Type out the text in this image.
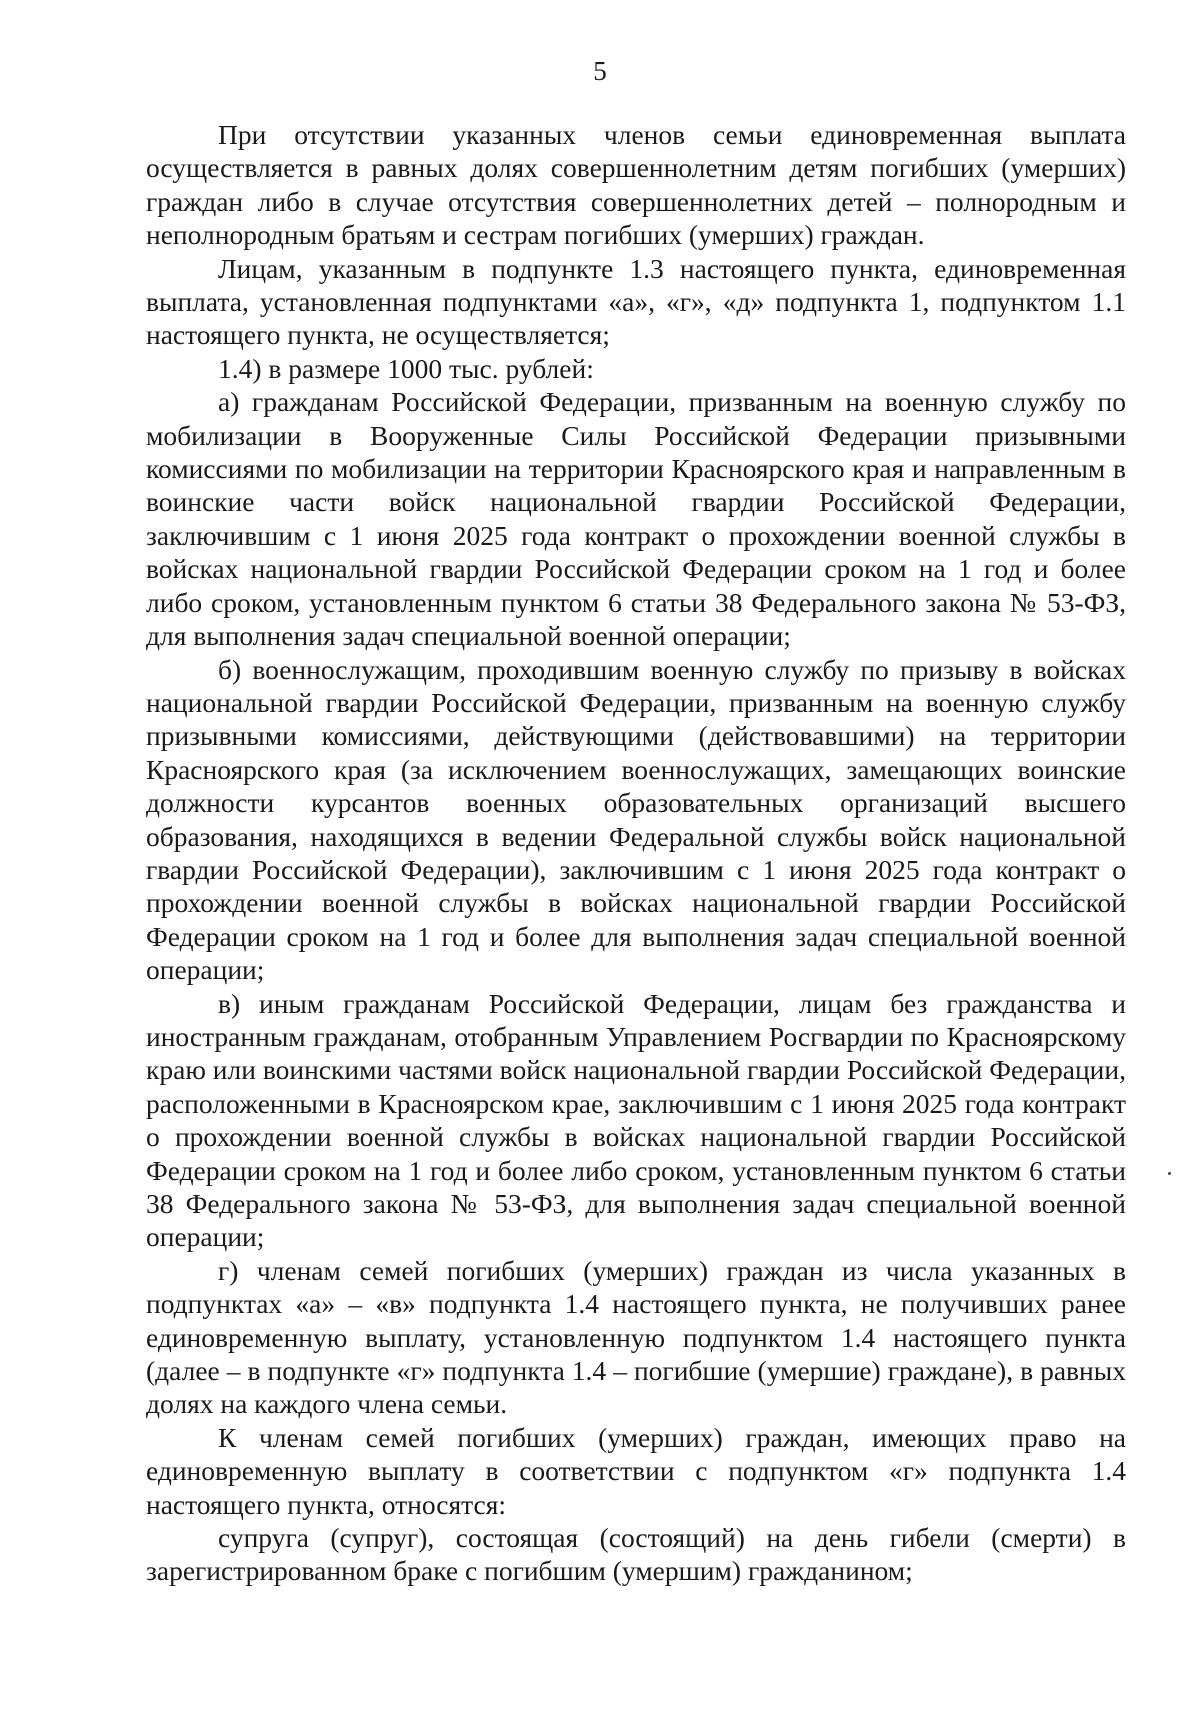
5

При отсутствии указанных членов семьи единовременная выплата осуществляется в равных долях совершеннолетним детям погибших (умерших) граждан либо в случае отсутствия совершеннолетних детей – полнородным и неполнородным братьям и сестрам погибших (умерших) граждан.

Лицам, указанным в подпункте 1.3 настоящего пункта, единовременная выплата, установленная подпунктами «а», «г», «д» подпункта 1, подпунктом 1.1 настоящего пункта, не осуществляется;

1.4) в размере 1000 тыс. рублей:

а) гражданам Российской Федерации, призванным на военную службу по мобилизации в Вооруженные Силы Российской Федерации призывными комиссиями по мобилизации на территории Красноярского края и направленным в воинские части войск национальной гвардии Российской Федерации, заключившим с 1 июня 2025 года контракт о прохождении военной службы в войсках национальной гвардии Российской Федерации сроком на 1 год и более либо сроком, установленным пунктом 6 статьи 38 Федерального закона № 53-ФЗ, для выполнения задач специальной военной операции;

б) военнослужащим, проходившим военную службу по призыву в войсках национальной гвардии Российской Федерации, призванным на военную службу призывными комиссиями, действующими (действовавшими) на территории Красноярского края (за исключением военнослужащих, замещающих воинские должности курсантов военных образовательных организаций высшего образования, находящихся в ведении Федеральной службы войск национальной гвардии Российской Федерации), заключившим с 1 июня 2025 года контракт о прохождении военной службы в войсках национальной гвардии Российской Федерации сроком на 1 год и более для выполнения задач специальной военной операции;

в) иным гражданам Российской Федерации, лицам без гражданства и иностранным гражданам, отобранным Управлением Росгвардии по Красноярскому краю или воинскими частями войск национальной гвардии Российской Федерации, расположенными в Красноярском крае, заключившим с 1 июня 2025 года контракт о прохождении военной службы в войсках национальной гвардии Российской Федерации сроком на 1 год и более либо сроком, установленным пунктом 6 статьи 38 Федерального закона № 53-ФЗ, для выполнения задач специальной военной операции;

г) членам семей погибших (умерших) граждан из числа указанных в подпунктах «а» – «в» подпункта 1.4 настоящего пункта, не получивших ранее единовременную выплату, установленную подпунктом 1.4 настоящего пункта (далее – в подпункте «г» подпункта 1.4 – погибшие (умершие) граждане), в равных долях на каждого члена семьи.

К членам семей погибших (умерших) граждан, имеющих право на единовременную выплату в соответствии с подпунктом «г» подпункта 1.4 настоящего пункта, относятся:

супруга (супруг), состоящая (состоящий) на день гибели (смерти) в зарегистрированном браке с погибшим (умершим) гражданином;
